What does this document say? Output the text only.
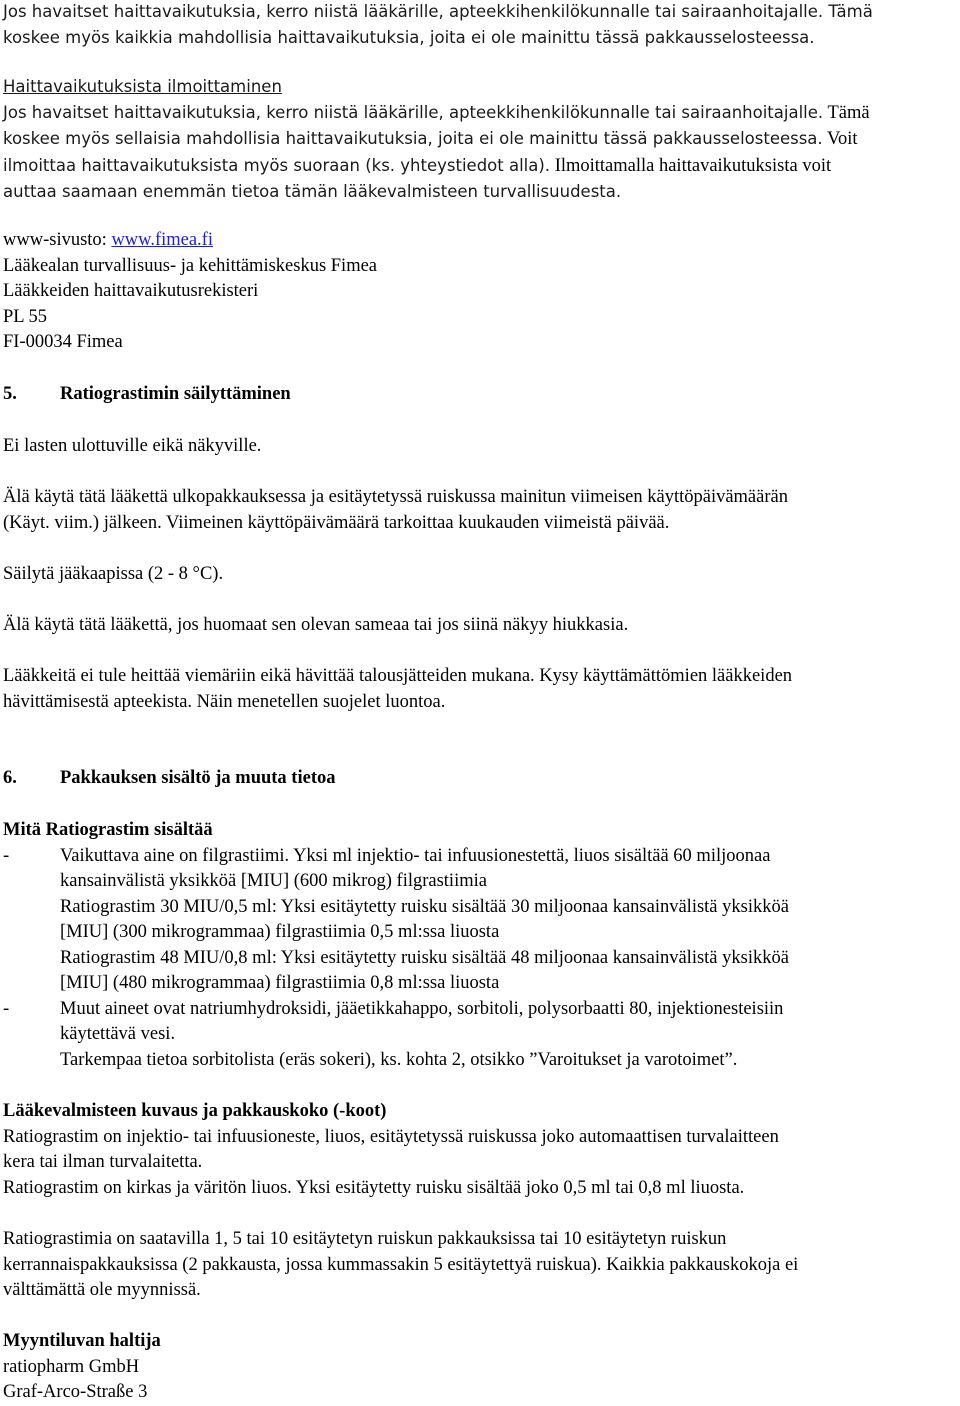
Jos havaitset haittavaikutuksia, kerro niistä lääkärille, apteekkihenkilökunnalle tai sairaanhoitajalle. Tämä
koskee myös kaikkia mahdollisia haittavaikutuksia, joita ei ole mainittu tässä pakkausselosteessa.
Haittavaikutuksista ilmoittaminen
Jos havaitset haittavaikutuksia, kerro niistä lääkärille, apteekkihenkilökunnalle tai sairaanhoitajalle. Tämä
koskee myös sellaisia mahdollisia haittavaikutuksia, joita ei ole mainittu tässä pakkausselosteessa. Voit
ilmoittaa haittavaikutuksista myös suoraan (ks. yhteystiedot alla). Ilmoittamalla haittavaikutuksista voit
auttaa saamaan enemmän tietoa tämän lääkevalmisteen turvallisuudesta.
www-sivusto: www.fimea.fi
Lääkealan turvallisuus- ja kehittämiskeskus Fimea
Lääkkeiden haittavaikutusrekisteri
PL 55
FI-00034 Fimea
5. Ratiograstimin säilyttäminen
Ei lasten ulottuville eikä näkyville.
Älä käytä tätä lääkettä ulkopakkauksessa ja esitäytetyssä ruiskussa mainitun viimeisen käyttöpäivämäärän
(Käyt. viim.) jälkeen. Viimeinen käyttöpäivämäärä tarkoittaa kuukauden viimeistä päivää.
Säilytä jääkaapissa (2 - 8 °C).
Älä käytä tätä lääkettä, jos huomaat sen olevan sameaa tai jos siinä näkyy hiukkasia.
Lääkkeitä ei tule heittää viemäriin eikä hävittää talousjätteiden mukana. Kysy käyttämättömien lääkkeiden
hävittämisestä apteekista. Näin menetellen suojelet luontoa.
6. Pakkauksen sisältö ja muuta tietoa
Mitä Ratiograstim sisältää
-	Vaikuttava aine on filgrastiimi. Yksi ml injektio- tai infuusionestettä, liuos sisältää 60 miljoonaa
kansainvälistä yksikköä [MIU] (600 mikrog) filgrastiimia
Ratiograstim 30 MIU/0,5 ml: Yksi esitäytetty ruisku sisältää 30 miljoonaa kansainvälistä yksikköä
[MIU] (300 mikrogrammaa) filgrastiimia 0,5 ml:ssa liuosta
Ratiograstim 48 MIU/0,8 ml: Yksi esitäytetty ruisku sisältää 48 miljoonaa kansainvälistä yksikköä
[MIU] (480 mikrogrammaa) filgrastiimia 0,8 ml:ssa liuosta
-	Muut aineet ovat natriumhydroksidi, jääetikkahappo, sorbitoli, polysorbaatti 80, injektionesteisiin
käytettävä vesi.
Tarkempaa tietoa sorbitolista (eräs sokeri), ks. kohta 2, otsikko ”Varoitukset ja varotoimet”.
Lääkevalmisteen kuvaus ja pakkauskoko (-koot)
Ratiograstim on injektio- tai infuusioneste, liuos, esitäytetyssä ruiskussa joko automaattisen turvalaitteen
kera tai ilman turvalaitetta.
Ratiograstim on kirkas ja väritön liuos. Yksi esitäytetty ruisku sisältää joko 0,5 ml tai 0,8 ml liuosta.
Ratiograstimia on saatavilla 1, 5 tai 10 esitäytetyn ruiskun pakkauksissa tai 10 esitäytetyn ruiskun
kerrannaispakkauksissa (2 pakkausta, jossa kummassakin 5 esitäytettyä ruiskua). Kaikkia pakkauskokoja ei
välttämättä ole myynnissä.
Myyntiluvan haltija
ratiopharm GmbH
Graf-Arco-Straße 3
